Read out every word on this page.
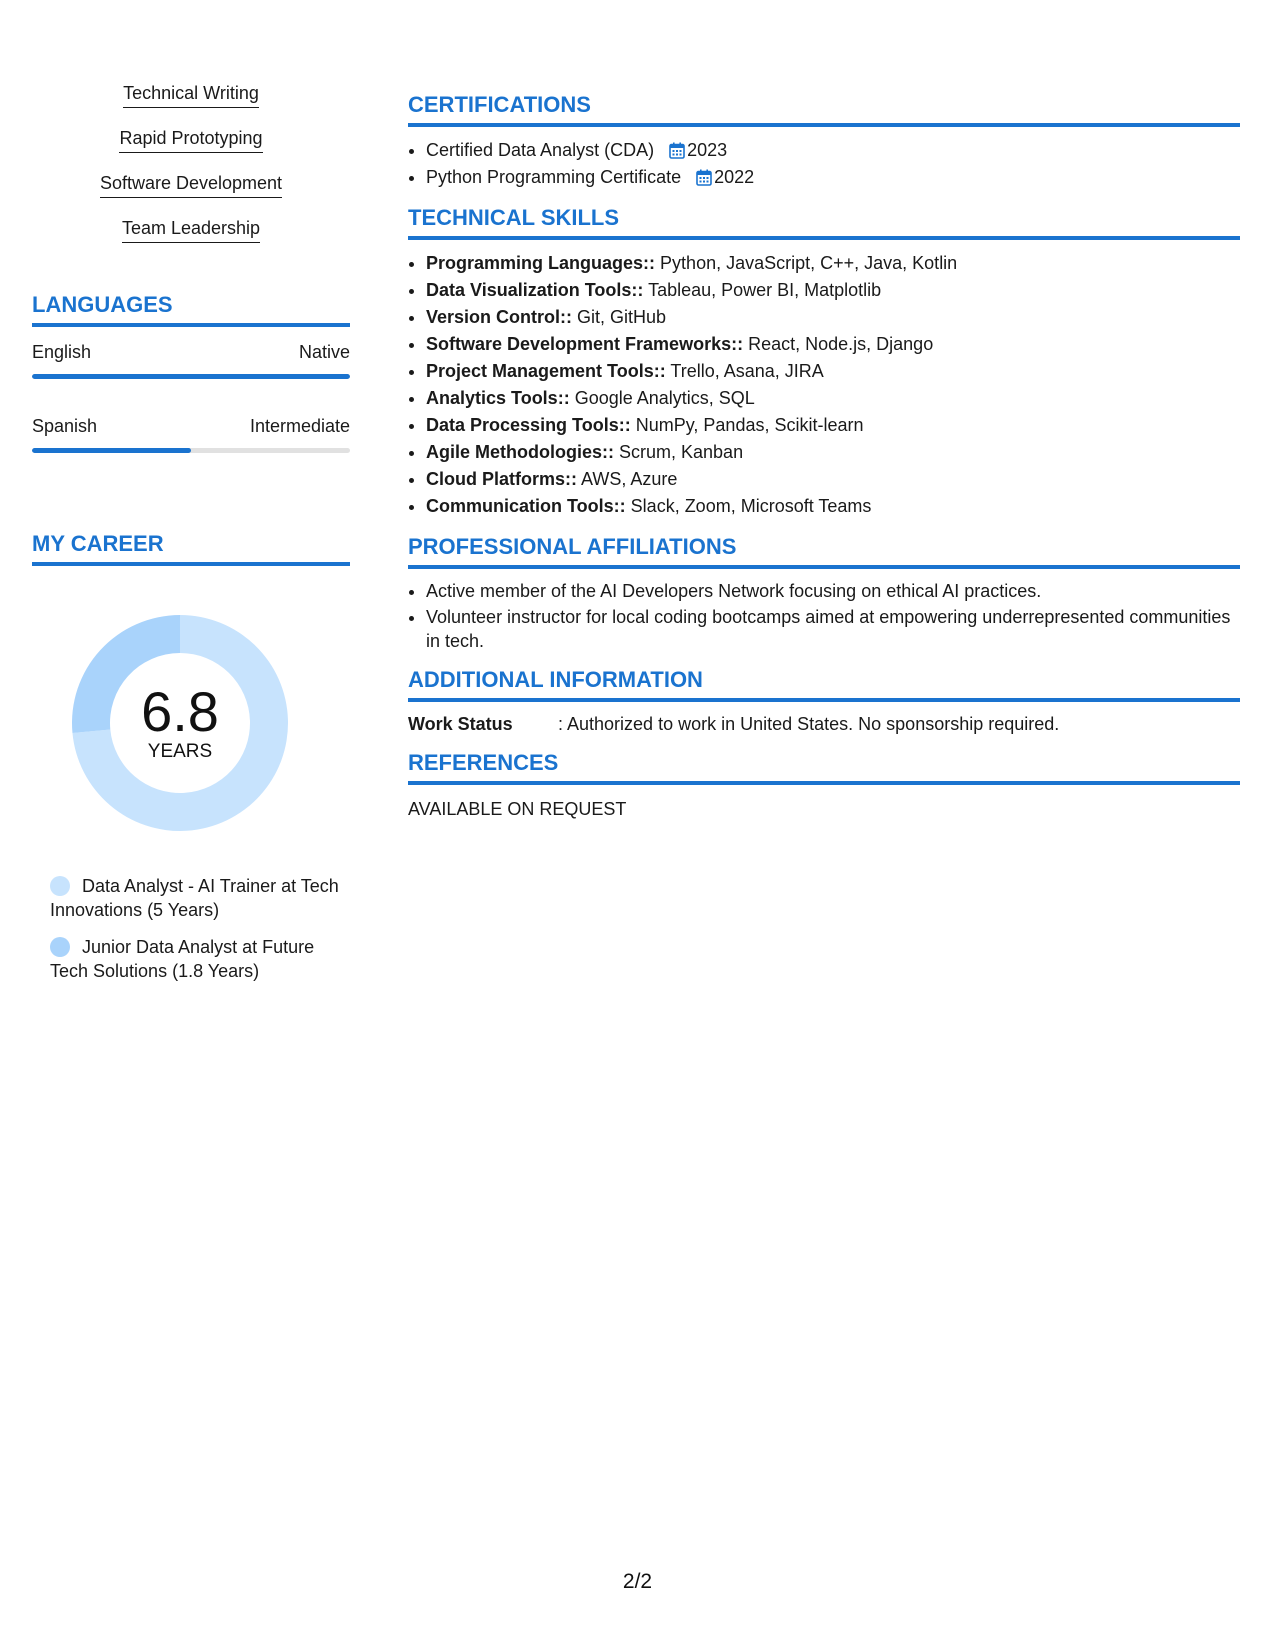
Technical Writing
Rapid Prototyping
Software Development
Team Leadership
LANGUAGES
English	Native
Spanish	Intermediate
MY CAREER
6.8
YEARS
Data Analyst - AI Trainer at Tech Innovations (5 Years)
Junior Data Analyst at Future Tech Solutions (1.8 Years)
CERTIFICATIONS
• Certified Data Analyst (CDA) 2023
• Python Programming Certificate 2022
TECHNICAL SKILLS
• Programming Languages:: Python, JavaScript, C++, Java, Kotlin
• Data Visualization Tools:: Tableau, Power BI, Matplotlib
• Version Control:: Git, GitHub
• Software Development Frameworks:: React, Node.js, Django
• Project Management Tools:: Trello, Asana, JIRA
• Analytics Tools:: Google Analytics, SQL
• Data Processing Tools:: NumPy, Pandas, Scikit-learn
• Agile Methodologies:: Scrum, Kanban
• Cloud Platforms:: AWS, Azure
• Communication Tools:: Slack, Zoom, Microsoft Teams
PROFESSIONAL AFFILIATIONS
• Active member of the AI Developers Network focusing on ethical AI practices.
• Volunteer instructor for local coding bootcamps aimed at empowering underrepresented communities in tech.
ADDITIONAL INFORMATION
Work Status	: Authorized to work in United States. No sponsorship required.
REFERENCES
AVAILABLE ON REQUEST
2/2
